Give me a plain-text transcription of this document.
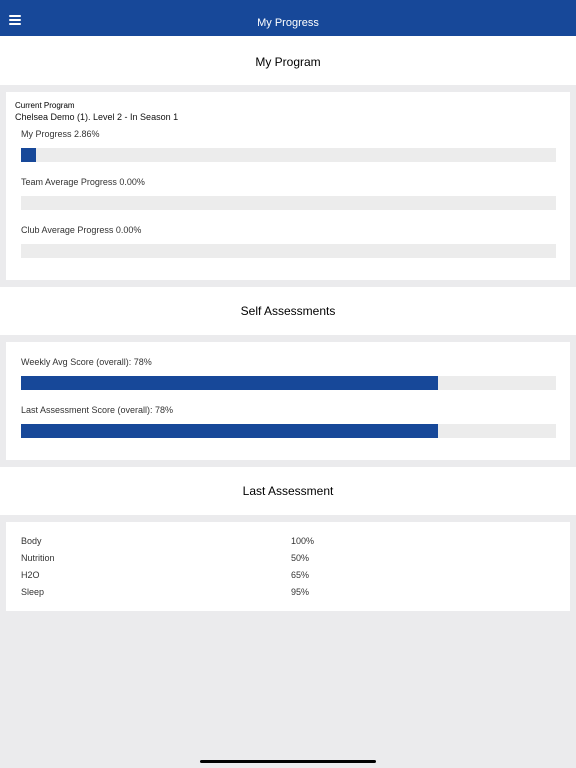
My Progress
My Program
Current Program
Chelsea Demo (1). Level 2 - In Season 1
My Progress 2.86%
Team Average Progress 0.00%
Club Average Progress 0.00%
Self Assessments
Weekly Avg Score (overall): 78%
Last Assessment Score (overall): 78%
Last Assessment
Body	100%
Nutrition	50%
H2O	65%
Sleep	95%
